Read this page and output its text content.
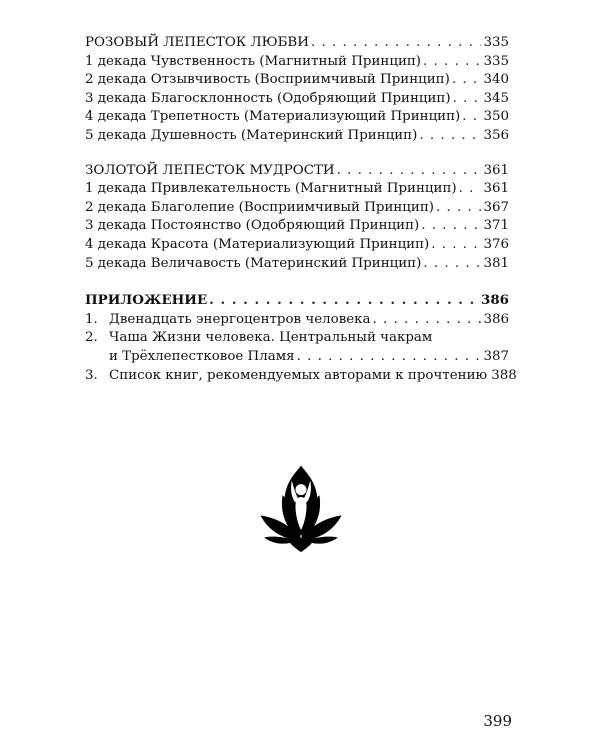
РОЗОВЫЙ ЛЕПЕСТОК ЛЮБВИ . . .	335
1 декада Чувственность (Магнитный Принцип) . . .	335
2 декада Отзывчивость (Восприимчивый Принцип) . . .	340
3 декада Благосклонность (Одобряющий Принцип) . . . 345
4 декада Трепетность (Материализующий Принцип) . . . 350
5 декада Душевность (Материнский Принцип) . . .	356
ЗОЛОТОЙ ЛЕПЕСТОК МУДРОСТИ . . .	361
1 декада Привлекательность (Магнитный Принцип) . . . 361
2 декада Благолепие (Восприимчивый Принцип) . . .	367
3 декада Постоянство (Одобряющий Принцип) . . .	371
4 декада Красота (Материализующий Принцип) . . .	376
5 декада Величавость (Материнский Принцип) . . .	381
ПРИЛОЖЕНИЕ . . .	386
1. Двенадцать энергоцентров человека . . .	386
2. Чаша Жизни человека. Центральный чакрам
и Трёхлепестковое Пламя . . .	387
3. Список книг, рекомендуемых авторами к прочтению 388
399
